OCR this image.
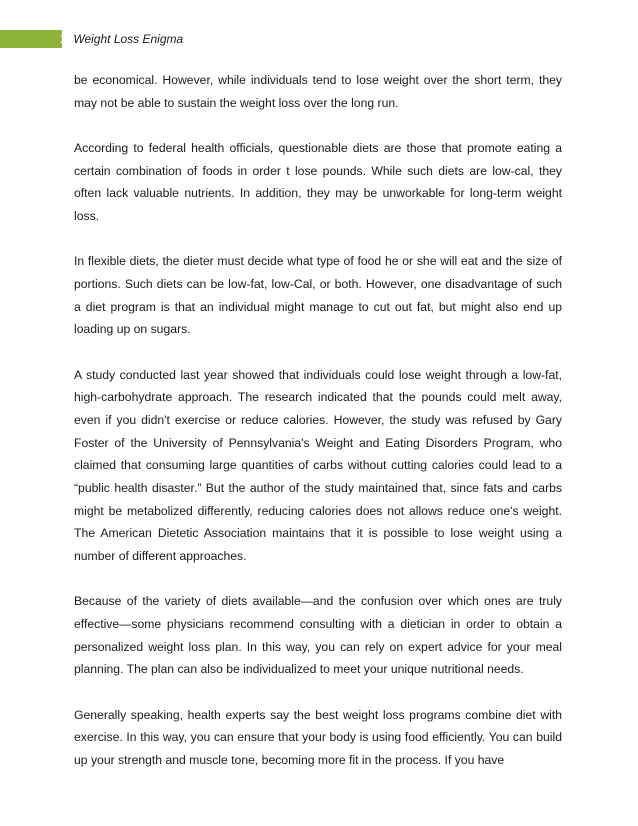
29 Weight Loss Enigma

be economical. However, while individuals tend to lose weight over the short term, they may not be able to sustain the weight loss over the long run.

According to federal health officials, questionable diets are those that promote eating a certain combination of foods in order t lose pounds. While such diets are low-cal, they often lack valuable nutrients. In addition, they may be unworkable for long-term weight loss.

In flexible diets, the dieter must decide what type of food he or she will eat and the size of portions. Such diets can be low-fat, low-Cal, or both. However, one disadvantage of such a diet program is that an individual might manage to cut out fat, but might also end up loading up on sugars.

A study conducted last year showed that individuals could lose weight through a low-fat, high-carbohydrate approach. The research indicated that the pounds could melt away, even if you didn't exercise or reduce calories. However, the study was refused by Gary Foster of the University of Pennsylvania's Weight and Eating Disorders Program, who claimed that consuming large quantities of carbs without cutting calories could lead to a “public health disaster.” But the author of the study maintained that, since fats and carbs might be metabolized differently, reducing calories does not allows reduce one's weight. The American Dietetic Association maintains that it is possible to lose weight using a number of different approaches.

Because of the variety of diets available—and the confusion over which ones are truly effective—some physicians recommend consulting with a dietician in order to obtain a personalized weight loss plan. In this way, you can rely on expert advice for your meal planning. The plan can also be individualized to meet your unique nutritional needs.

Generally speaking, health experts say the best weight loss programs combine diet with exercise. In this way, you can ensure that your body is using food efficiently. You can build up your strength and muscle tone, becoming more fit in the process. If you have
